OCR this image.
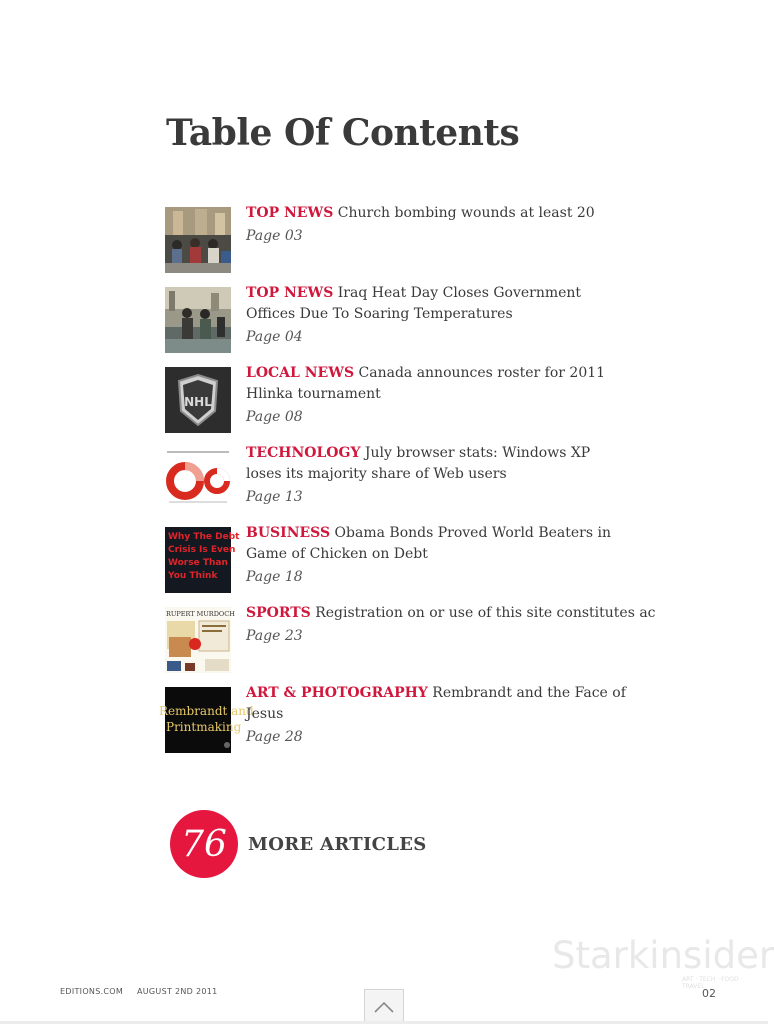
Table Of Contents
TOP NEWS Church bombing wounds at least 20
Page 03
TOP NEWS Iraq Heat Day Closes Government Offices Due To Soaring Temperatures
Page 04
NHL
LOCAL NEWS Canada announces roster for 2011 Hlinka tournament
Page 08
TECHNOLOGY July browser stats: Windows XP loses its majority share of Web users
Page 13
Why The Debt
Crisis Is Even
Worse Than
You Think
BUSINESS Obama Bonds Proved World Beaters in Game of Chicken on Debt
Page 18
RUPERT MURDOCH SPORTS Registration on or use of this site constitutes ac
Page 23
Rembrandt and
Printmaking
ART & PHOTOGRAPHY Rembrandt and the Face of Jesus
Page 28
76	MORE ARTICLES
Starkinsider
ART · TECH · FOOD · TRAVEL
EDITIONS.COM AUGUST 2ND 2011	02
